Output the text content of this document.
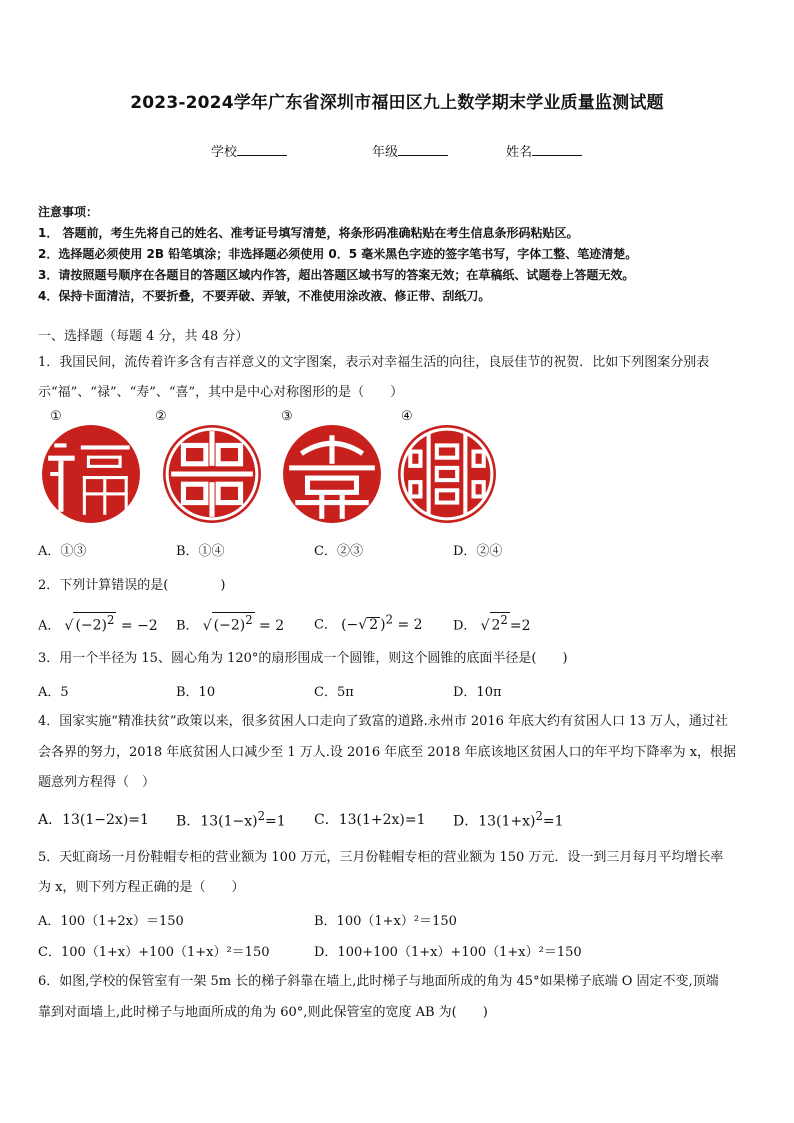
2023-2024学年广东省深圳市福田区九上数学期末学业质量监测试题
学校	年级	姓名
注意事项：
1． 答题前，考生先将自己的姓名、准考证号填写清楚，将条形码准确粘贴在考生信息条形码粘贴区。
2．选择题必须使用 2B 铅笔填涂；非选择题必须使用 0．5 毫米黑色字迹的签字笔书写，字体工整、笔迹清楚。
3．请按照题号顺序在各题目的答题区域内作答，超出答题区域书写的答案无效；在草稿纸、试题卷上答题无效。
4．保持卡面清洁，不要折叠，不要弄破、弄皱，不准使用涂改液、修正带、刮纸刀。
一、选择题（每题 4 分，共 48 分）
1．我国民间，流传着许多含有吉祥意义的文字图案，表示对幸福生活的向往，良辰佳节的祝贺．比如下列图案分别表
示“福”、“禄”、“寿”、“喜”，其中是中心对称图形的是（　　）
①	②	③	④
A．①③	B．①④	C．②③	D．②④
2．下列计算错误的是(　　　　)
A． √ $(-2)^2 = -2$ B． √ $(-2)^2 = 2$ C． (−√ 2 )$^2$ = 2 D． √ $2^2 =2$
3．用一个半径为 15、圆心角为 120°的扇形围成一个圆锥，则这个圆锥的底面半径是(　　)
A．5	B．10	C．5π	D．10π
4．国家实施“精准扶贫”政策以来，很多贫困人口走向了致富的道路.永州市 2016 年底大约有贫困人口 13 万人，通过社
会各界的努力，2018 年底贫困人口减少至 1 万人.设 2016 年底至 2018 年底该地区贫困人口的年平均下降率为 x，根据
题意列方程得（　）
A．13(1−2x)=1 B．$13(1-x)^2=1$ C．13(1+2x)=1 D．$13(1+x)^2=1$
5．天虹商场一月份鞋帽专柜的营业额为 100 万元，三月份鞋帽专柜的营业额为 150 万元．设一到三月每月平均增长率
为 x，则下列方程正确的是（　　）
A．100（1+2x）＝150	B．100（1+x）²＝150
C．100（1+x）+100（1+x）²＝150	D．100+100（1+x）+100（1+x）²＝150
6．如图,学校的保管室有一架 5m 长的梯子斜靠在墙上,此时梯子与地面所成的角为 45°如果梯子底端 O 固定不变,顶端
靠到对面墙上,此时梯子与地面所成的角为 60°,则此保管室的宽度 AB 为(　　)
